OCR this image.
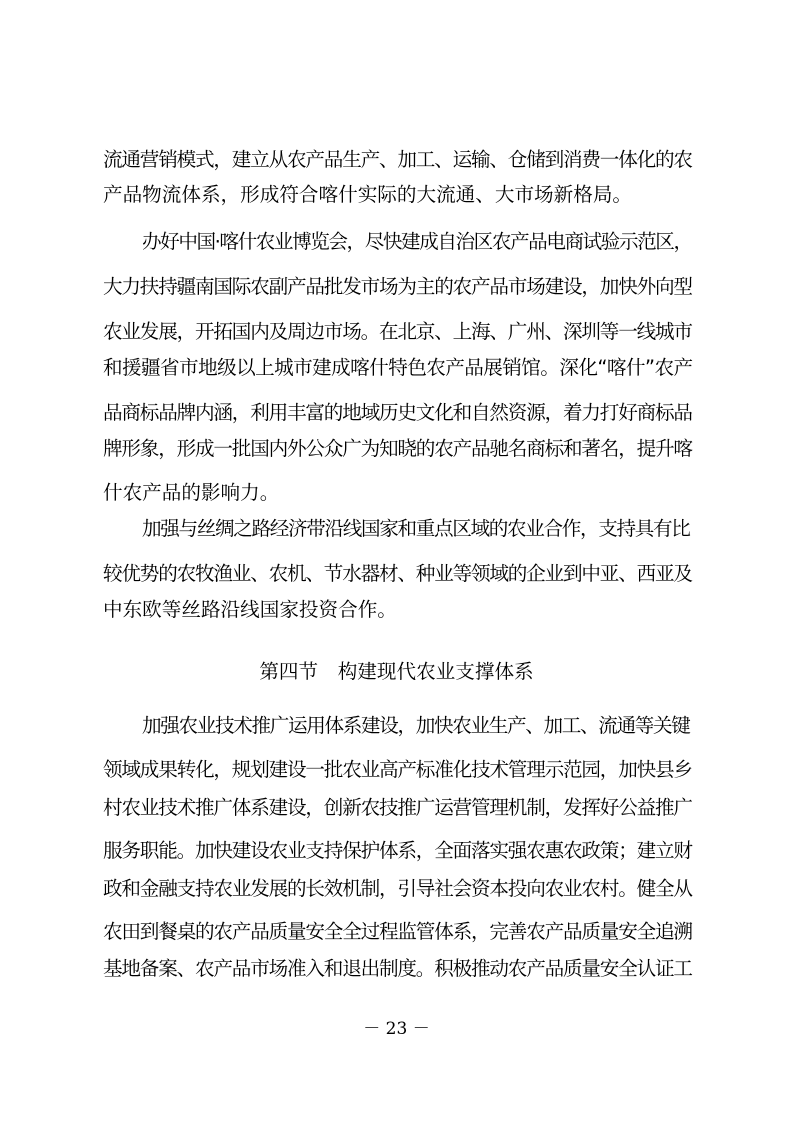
流通营销模式，建立从农产品生产、加工、运输、仓储到消费一体化的农
产品物流体系，形成符合喀什实际的大流通、大市场新格局。
办好中国·喀什农业博览会，尽快建成自治区农产品电商试验示范区，
大力扶持疆南国际农副产品批发市场为主的农产品市场建设，加快外向型
农业发展，开拓国内及周边市场。在北京、上海、广州、深圳等一线城市
和援疆省市地级以上城市建成喀什特色农产品展销馆。深化“喀什”农产
品商标品牌内涵，利用丰富的地域历史文化和自然资源，着力打好商标品
牌形象，形成一批国内外公众广为知晓的农产品驰名商标和著名，提升喀
什农产品的影响力。
加强与丝绸之路经济带沿线国家和重点区域的农业合作，支持具有比
较优势的农牧渔业、农机、节水器材、种业等领域的企业到中亚、西亚及
中东欧等丝路沿线国家投资合作。
第四节　构建现代农业支撑体系
加强农业技术推广运用体系建设，加快农业生产、加工、流通等关键
领域成果转化，规划建设一批农业高产标准化技术管理示范园，加快县乡
村农业技术推广体系建设，创新农技推广运营管理机制，发挥好公益推广
服务职能。加快建设农业支持保护体系，全面落实强农惠农政策；建立财
政和金融支持农业发展的长效机制，引导社会资本投向农业农村。健全从
农田到餐桌的农产品质量安全全过程监管体系，完善农产品质量安全追溯
基地备案、农产品市场准入和退出制度。积极推动农产品质量安全认证工
－ 23 －
